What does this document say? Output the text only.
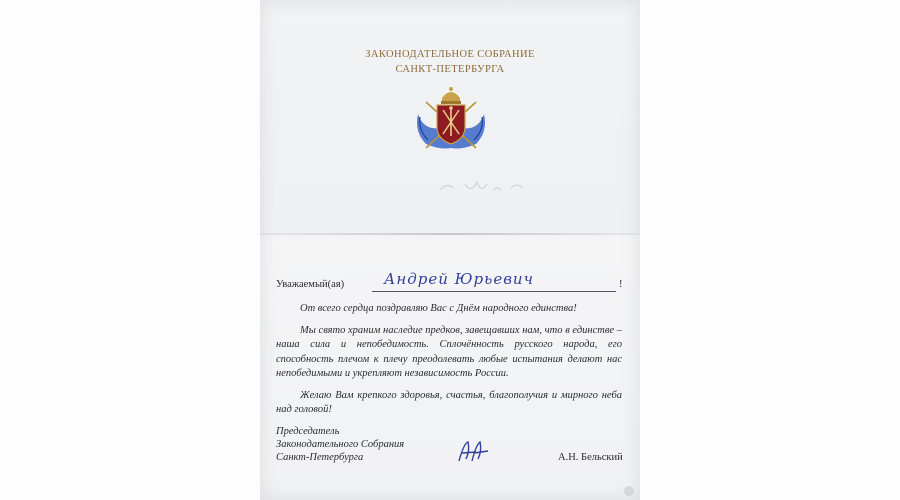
ЗАКОНОДАТЕЛЬНОЕ СОБРАНИЕ
САНКТ-ПЕТЕРБУРГА
Уважаемый(ая)	Андрей Юрьевич	!

От всего сердца поздравляю Вас с Днём народного единства!

Мы свято храним наследие предков, завещавших нам, что в единстве – наша сила и непобедимость. Сплочённость русского народа, его способность плечом к плечу преодолевать любые испытания делают нас непобедимыми и укрепляют независимость России.

Желаю Вам крепкого здоровья, счастья, благополучия и мирного неба над головой!

Председатель
Законодательного Собрания
Санкт-Петербурга	А.Н. Бельский
